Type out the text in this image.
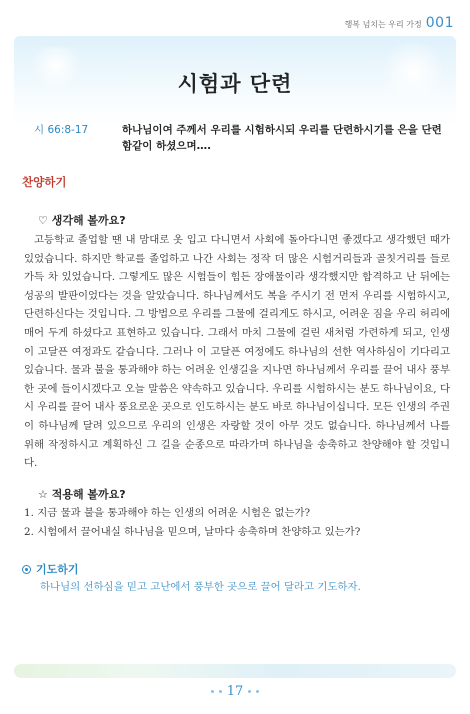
행복 넘치는 우리 가정 001
시험과 단련
시 66:8-17	하나님이여 주께서 우리를 시험하시되 우리를 단련하시기를 은을 단련함같이 하셨으며….
찬양하기
♡ 생각해 볼까요?

고등학교 졸업할 땐 내 맘대로 옷 입고 다니면서 사회에 돌아다니면 좋겠다고 생각했던 때가 있었습니다. 하지만 학교를 졸업하고 나간 사회는 정작 더 많은 시험거리들과 골칫거리를 들로 가득 차 있었습니다. 그렇게도 많은 시험들이 힘든 장애물이라 생각했지만 합격하고 난 뒤에는 성공의 발판이었다는 것을 알았습니다. 하나님께서도 복을 주시기 전 먼저 우리를 시험하시고, 단련하신다는 것입니다. 그 방법으로 우리를 그물에 걸리게도 하시고, 어려운 짐을 우리 허리에 매어 두게 하셨다고 표현하고 있습니다. 그래서 마치 그물에 걸린 새처럼 가련하게 되고, 인생이 고달픈 여정과도 같습니다. 그러나 이 고달픈 여정에도 하나님의 선한 역사하심이 기다리고 있습니다. 물과 불을 통과해야 하는 어려운 인생길을 지나면 하나님께서 우리를 끌어 내사 풍부한 곳에 들이시겠다고 오늘 말씀은 약속하고 있습니다. 우리를 시험하시는 분도 하나님이요, 다시 우리를 끌어 내사 풍요로운 곳으로 인도하시는 분도 바로 하나님이십니다. 모든 인생의 주권이 하나님께 달려 있으므로 우리의 인생은 자랑할 것이 아무 것도 없습니다. 하나님께서 나를 위해 작정하시고 계획하신 그 길을 순종으로 따라가며 하나님을 송축하고 찬양해야 할 것입니다.

☆ 적용해 볼까요?
1. 지금 물과 불을 통과해야 하는 인생의 어려운 시험은 없는가?
2. 시험에서 끌어내실 하나님을 믿으며, 날마다 송축하며 찬양하고 있는가?
기도하기
하나님의 선하심을 믿고 고난에서 풍부한 곳으로 끌어 달라고 기도하자.
17
